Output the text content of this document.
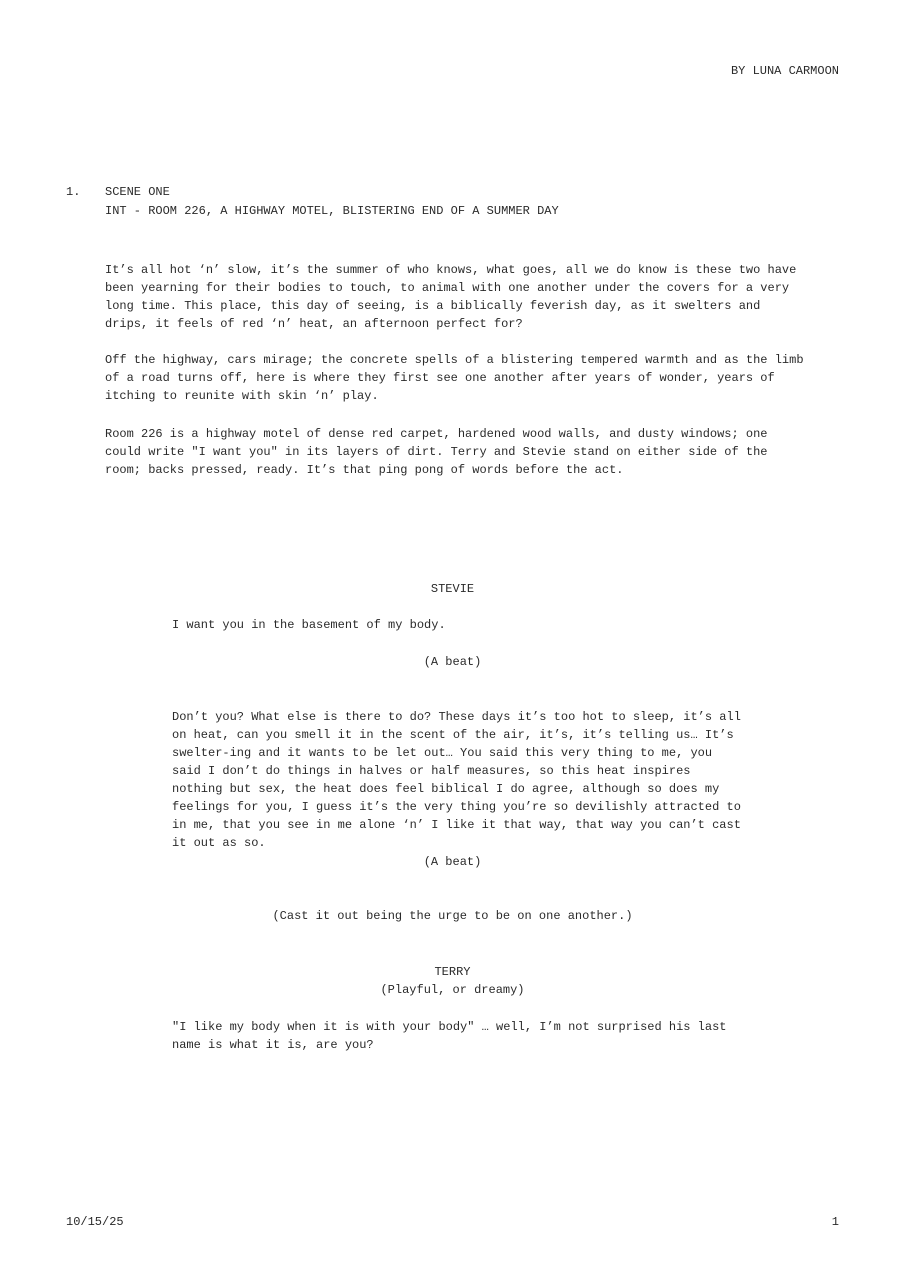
BY LUNA CARMOON
1. SCENE ONE
INT - ROOM 226, A HIGHWAY MOTEL, BLISTERING END OF A SUMMER DAY

It’s all hot ‘n’ slow, it’s the summer of who knows, what goes, all we do know is these two have been yearning for their bodies to touch, to animal with one another under the covers for a very long time. This place, this day of seeing, is a biblically feverish day, as it swelters and drips, it feels of red ‘n’ heat, an afternoon perfect for?

Off the highway, cars mirage; the concrete spells of a blistering tempered warmth and as the limb of a road turns off, here is where they first see one another after years of wonder, years of itching to reunite with skin ‘n’ play.

Room 226 is a highway motel of dense red carpet, hardened wood walls, and dusty windows; one could write "I want you" in its layers of dirt. Terry and Stevie stand on either side of the room; backs pressed, ready. It’s that ping pong of words before the act.

STEVIE

I want you in the basement of my body.

(A beat)

Don’t you? What else is there to do? These days it’s too hot to sleep, it’s all on heat, can you smell it in the scent of the air, it’s, it’s telling us… It’s swelter-ing and it wants to be let out… You said this very thing to me, you said I don’t do things in halves or half measures, so this heat inspires nothing but sex, the heat does feel biblical I do agree, although so does my feelings for you, I guess it’s the very thing you’re so devilishly attracted to in me, that you see in me alone ‘n’ I like it that way, that way you can’t cast it out as so.

(A beat)
(Cast it out being the urge to be on one another.)
TERRY
(Playful, or dreamy)

"I like my body when it is with your body" … well, I’m not surprised his last name is what it is, are you?

10/15/25	1
